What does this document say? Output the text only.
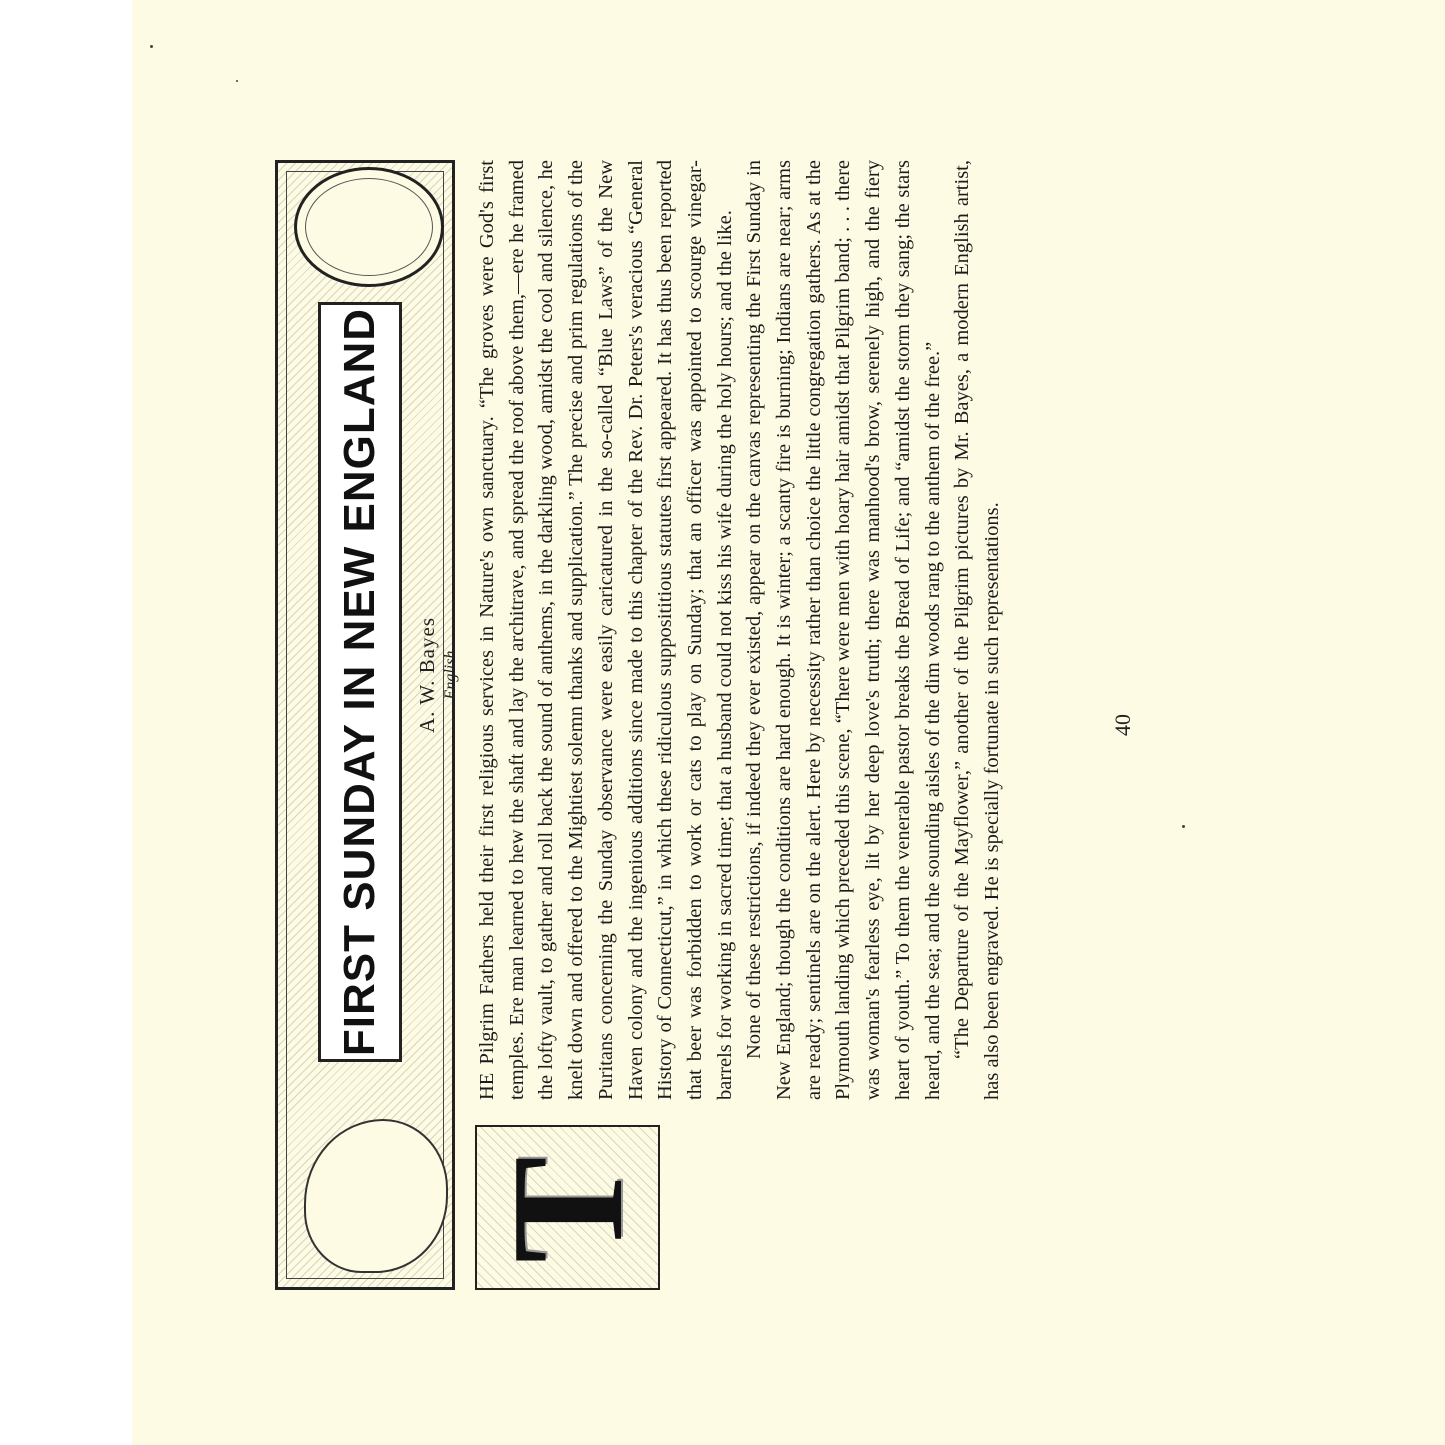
FIRST SUNDAY IN NEW ENGLAND
T
A. W. Bayes English HE Pilgrim Fathers held their first religious services in Nature's own sanctuary. “The groves were God's first temples. Ere man learned to hew the shaft and lay the architrave, and spread the roof above them,—ere he framed the lofty vault, to gather and roll back the sound of anthems, in the darkling wood, amidst the cool and silence, he knelt down and offered to the Mightiest solemn thanks and supplication.” The precise and prim regulations of the Puritans concerning the Sunday observance were easily caricatured in the so-called “Blue Laws” of the New Haven colony and the ingenious additions since made to this chapter of the Rev. Dr. Peters's veracious “General History of Connecticut,” in which these ridiculous supposititious statutes first appeared. It has thus been reported that beer was forbidden to work or cats to play on Sunday; that an officer was appointed to scourge vinegar-barrels for working in sacred time; that a husband could not kiss his wife during the holy hours; and the like. None of these restrictions, if indeed they ever existed, appear on the canvas representing the First Sunday in New England; though the conditions are hard enough. It is winter; a scanty fire is burning; Indians are near; arms are ready; sentinels are on the alert. Here by necessity rather than choice the little congregation gathers. As at the Plymouth landing which preceded this scene, “There were men with hoary hair amidst that Pilgrim band; . . . there was woman's fearless eye, lit by her deep love's truth; there was manhood's brow, serenely high, and the fiery heart of youth.” To them the venerable pastor breaks the Bread of Life; and “amidst the storm they sang; the stars heard, and the sea; and the sounding aisles of the dim woods rang to the anthem of the free.” “The Departure of the Mayflower,” another of the Pilgrim pictures by Mr. Bayes, a modern English artist, has also been engraved. He is specially fortunate in such representations.	40
